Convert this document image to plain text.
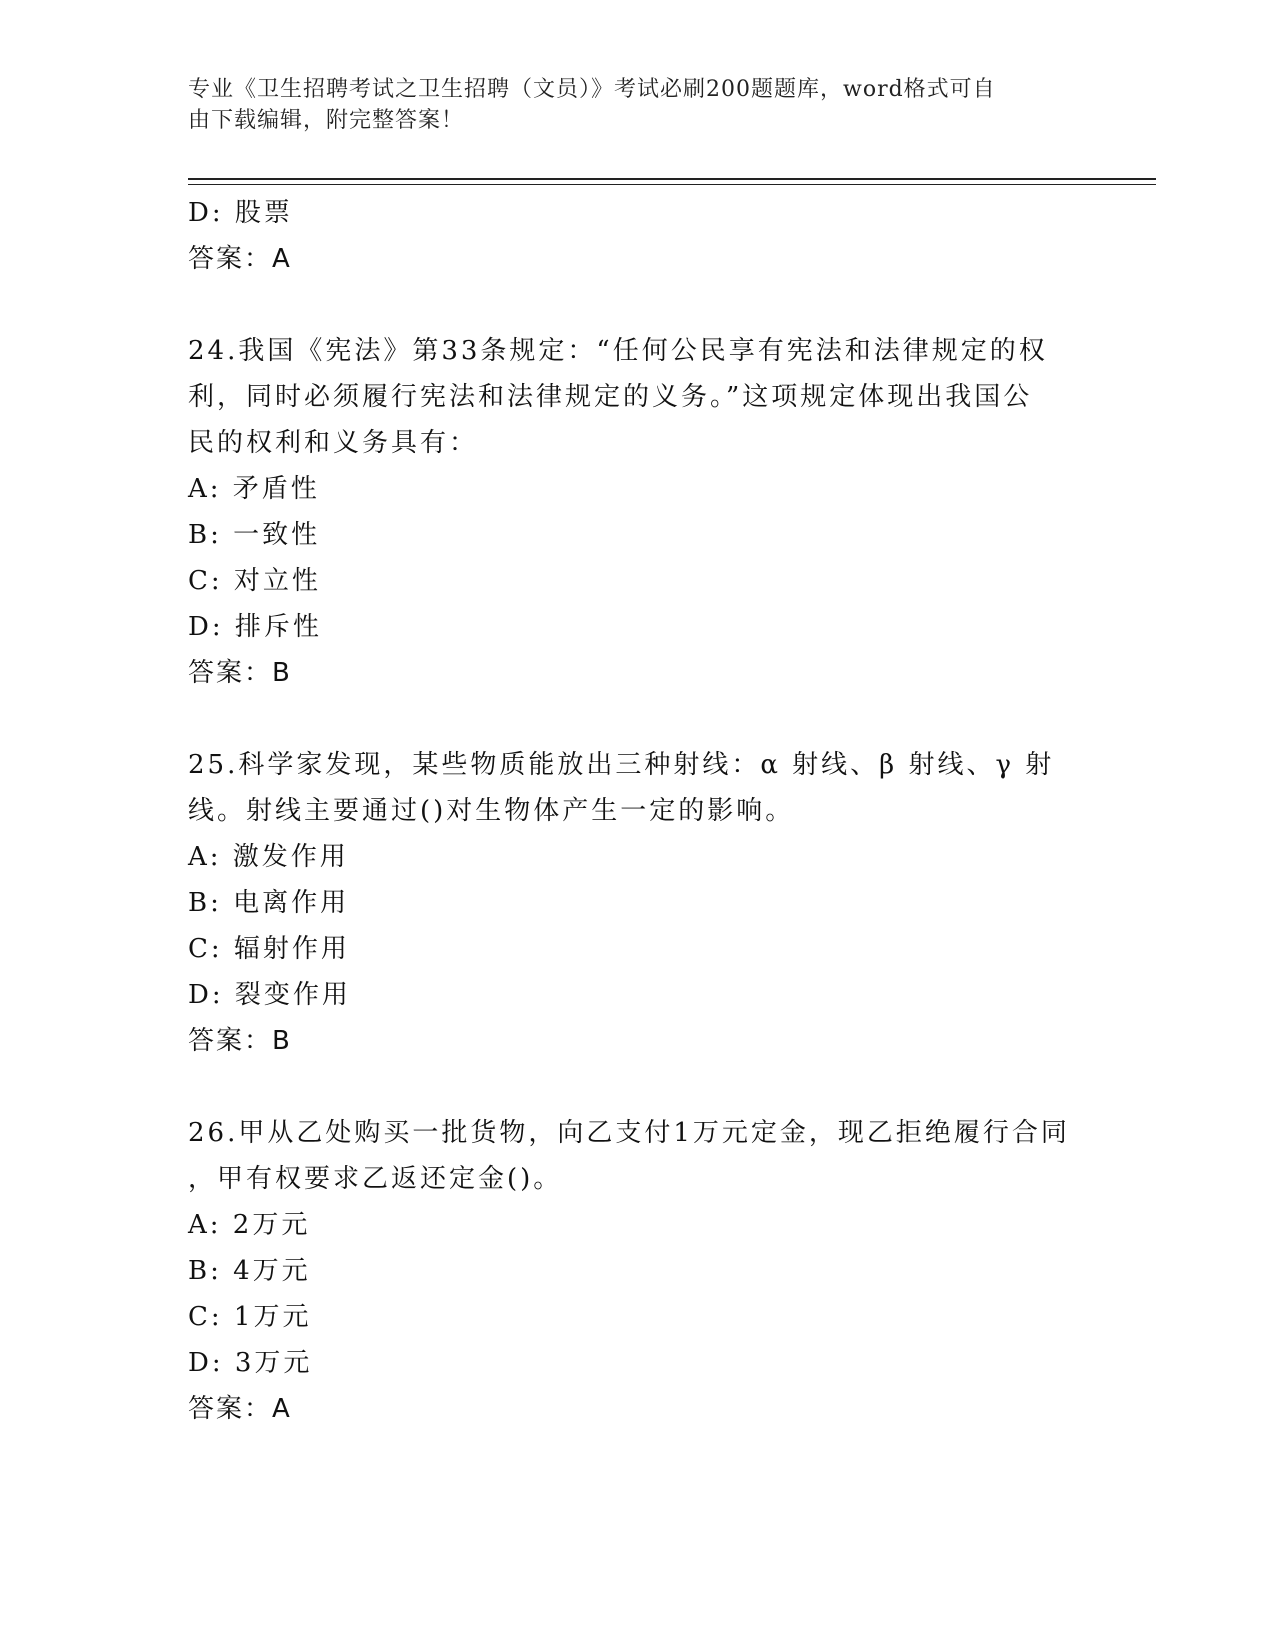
专业《卫生招聘考试之卫生招聘（文员）》考试必刷200题题库，word格式可自
由下载编辑，附完整答案！
D: 股票
答案：A
24.我国《宪法》第33条规定：“任何公民享有宪法和法律规定的权
利，同时必须履行宪法和法律规定的义务。”这项规定体现出我国公
民的权利和义务具有：
A: 矛盾性
B: 一致性
C: 对立性
D: 排斥性
答案：B
25.科学家发现，某些物质能放出三种射线：α 射线、β 射线、γ 射
线。射线主要通过()对生物体产生一定的影响。
A: 激发作用
B: 电离作用
C: 辐射作用
D: 裂变作用
答案：B
26.甲从乙处购买一批货物，向乙支付1万元定金，现乙拒绝履行合同
，甲有权要求乙返还定金()。
A: 2万元
B: 4万元
C: 1万元
D: 3万元
答案：A
